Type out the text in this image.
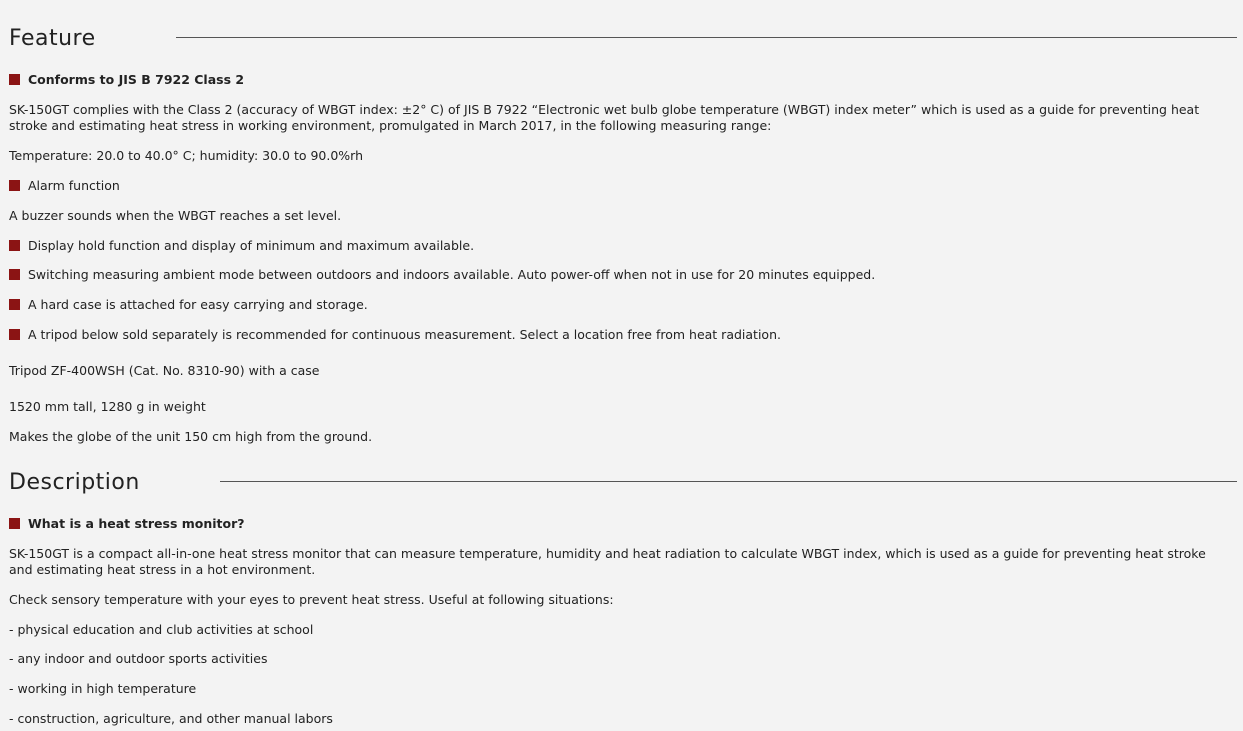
Feature
Conforms to JIS B 7922 Class 2
SK-150GT complies with the Class 2 (accuracy of WBGT index: ±2° C) of JIS B 7922 “Electronic wet bulb globe temperature (WBGT) index meter” which is used as a guide for preventing heat stroke and estimating heat stress in working environment, promulgated in March 2017, in the following measuring range:
Temperature: 20.0 to 40.0° C; humidity: 30.0 to 90.0%rh
Alarm function
A buzzer sounds when the WBGT reaches a set level.
Display hold function and display of minimum and maximum available.
Switching measuring ambient mode between outdoors and indoors available. Auto power-off when not in use for 20 minutes equipped.
A hard case is attached for easy carrying and storage.
A tripod below sold separately is recommended for continuous measurement. Select a location free from heat radiation.
Tripod ZF-400WSH (Cat. No. 8310-90) with a case
1520 mm tall, 1280 g in weight
Makes the globe of the unit 150 cm high from the ground.
Description
What is a heat stress monitor?
SK-150GT is a compact all-in-one heat stress monitor that can measure temperature, humidity and heat radiation to calculate WBGT index, which is used as a guide for preventing heat stroke and estimating heat stress in a hot environment.
Check sensory temperature with your eyes to prevent heat stress. Useful at following situations:
- physical education and club activities at school
- any indoor and outdoor sports activities
- working in high temperature
- construction, agriculture, and other manual labors
